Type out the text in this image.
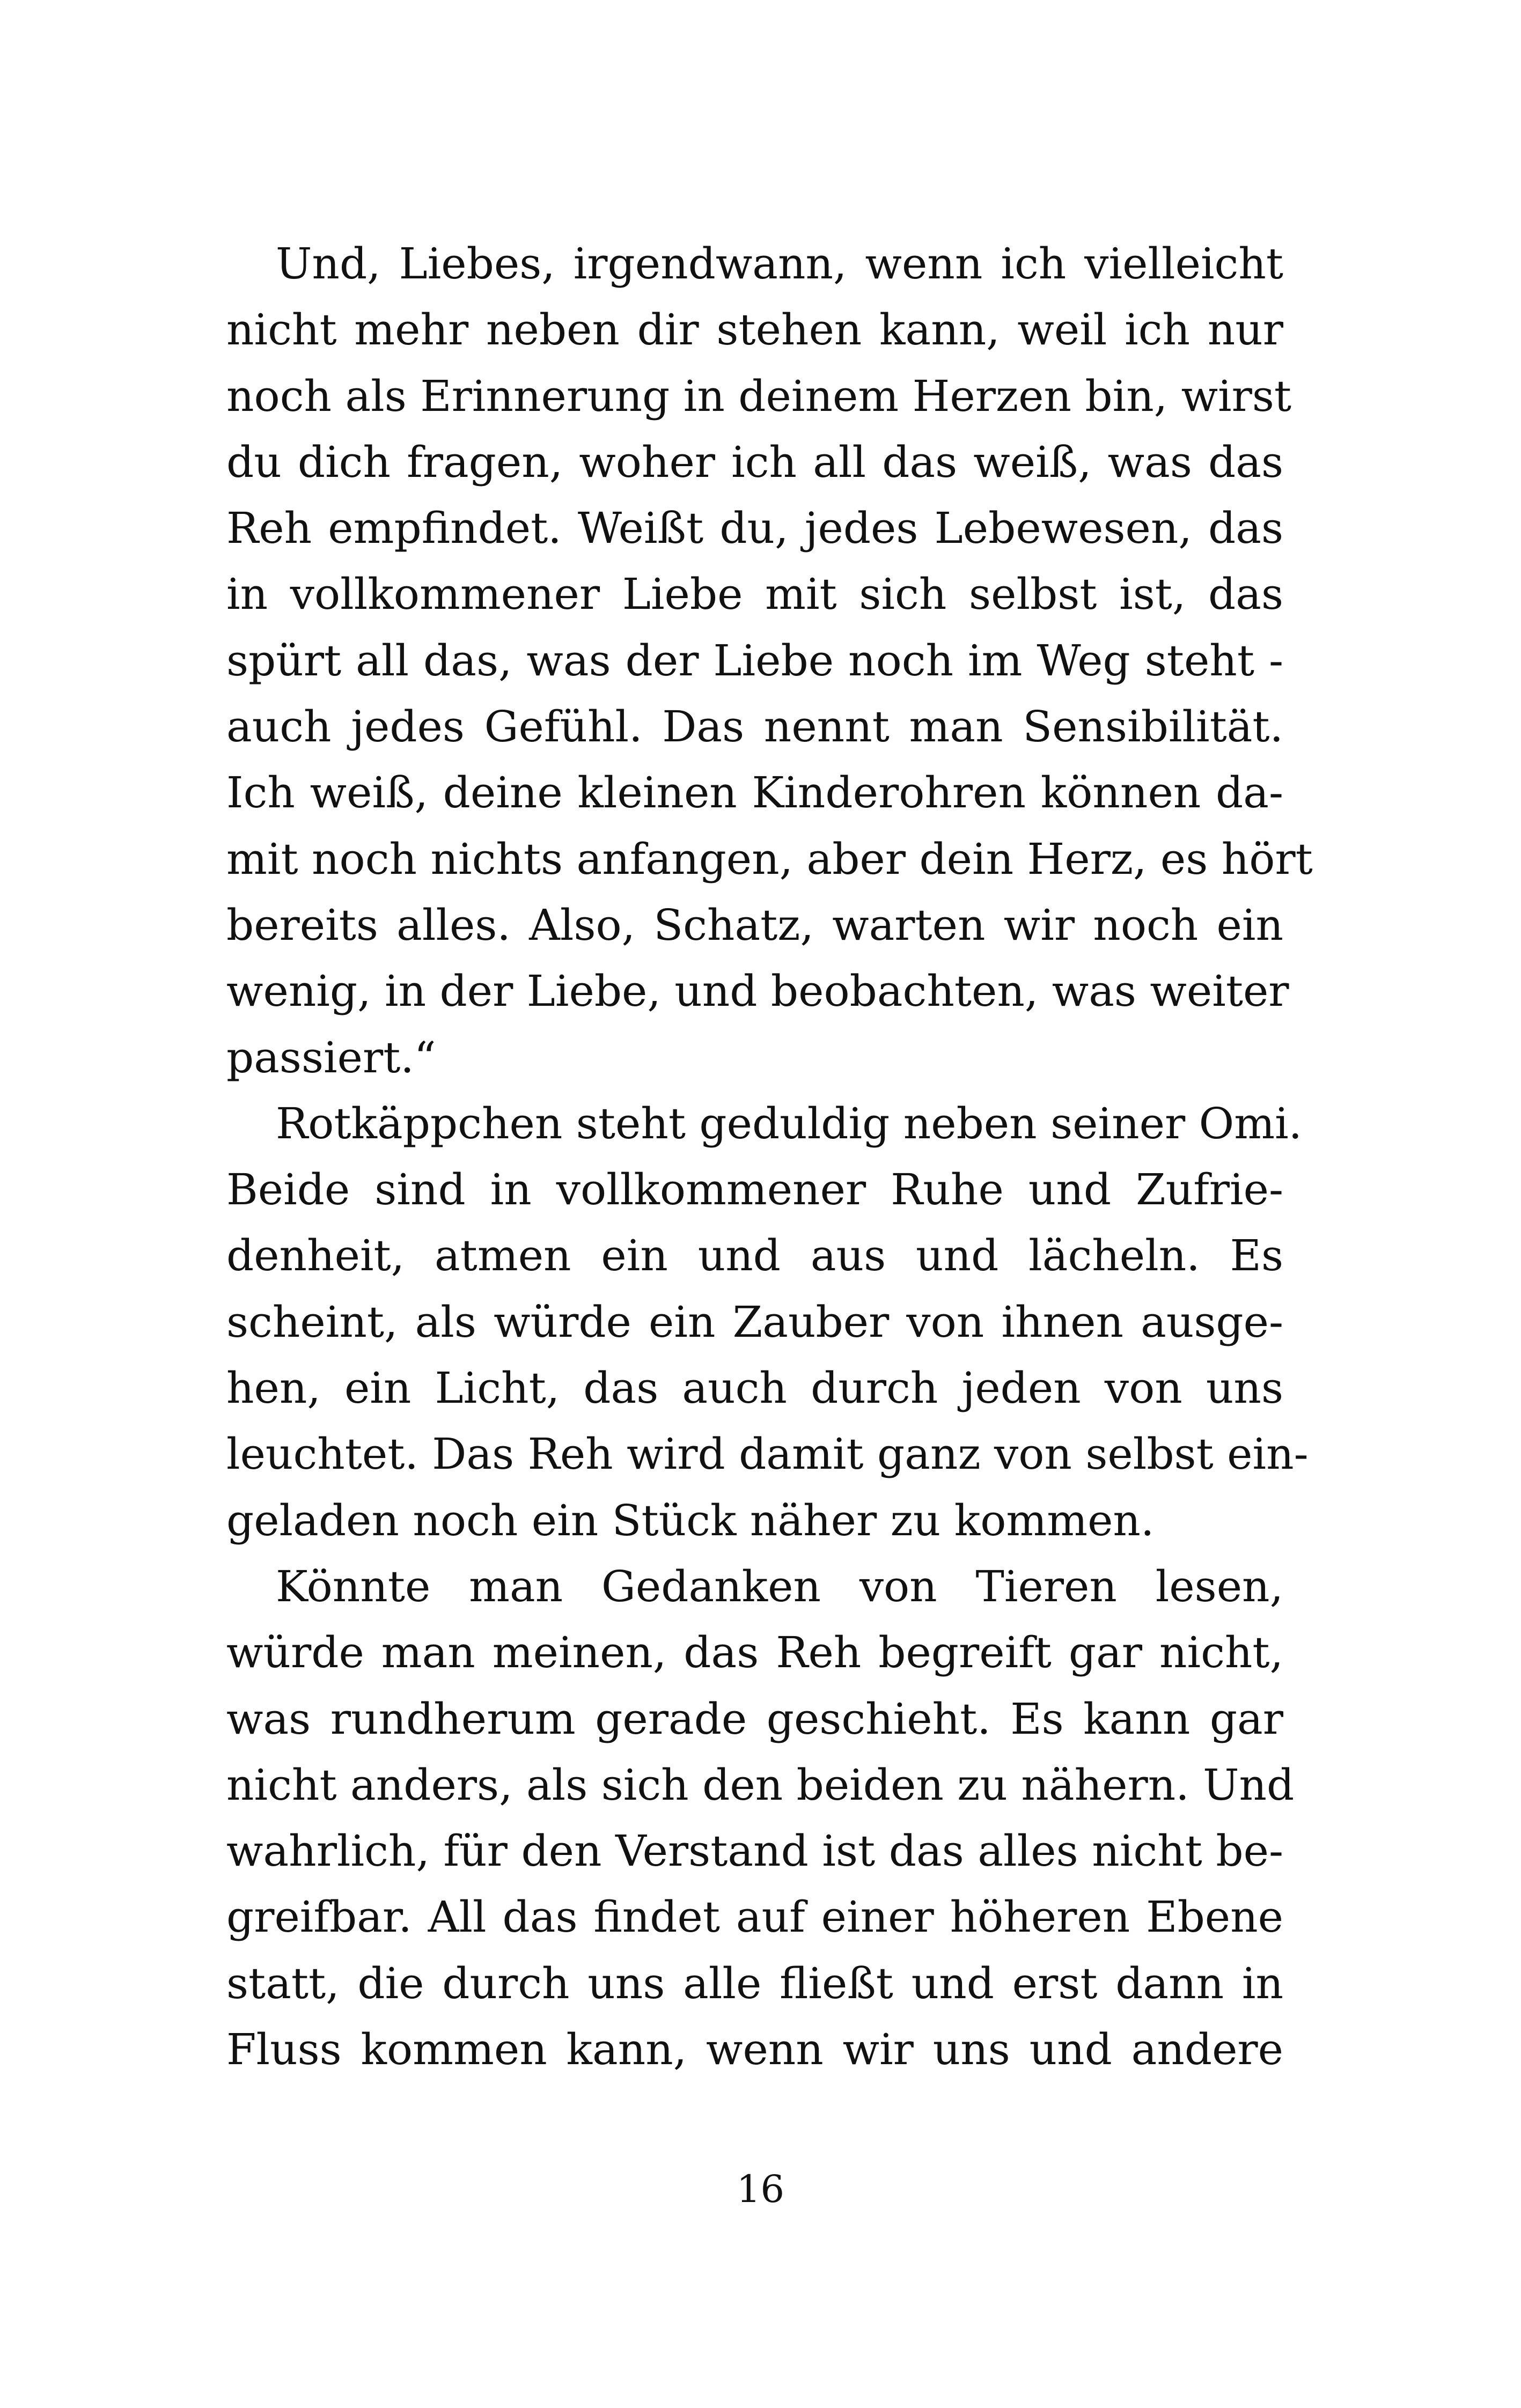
Und, Liebes, irgendwann, wenn ich vielleicht
nicht mehr neben dir stehen kann, weil ich nur
noch als Erinnerung in deinem Herzen bin, wirst
du dich fragen, woher ich all das weiß, was das
Reh empfindet. Weißt du, jedes Lebewesen, das
in vollkommener Liebe mit sich selbst ist, das
spürt all das, was der Liebe noch im Weg steht -
auch jedes Gefühl. Das nennt man Sensibilität.
Ich weiß, deine kleinen Kinderohren können da-
mit noch nichts anfangen, aber dein Herz, es hört
bereits alles. Also, Schatz, warten wir noch ein
wenig, in der Liebe, und beobachten, was weiter
passiert.“
Rotkäppchen steht geduldig neben seiner Omi.
Beide sind in vollkommener Ruhe und Zufrie-
denheit, atmen ein und aus und lächeln. Es
scheint, als würde ein Zauber von ihnen ausge-
hen, ein Licht, das auch durch jeden von uns
leuchtet. Das Reh wird damit ganz von selbst ein-
geladen noch ein Stück näher zu kommen.
Könnte man Gedanken von Tieren lesen,
würde man meinen, das Reh begreift gar nicht,
was rundherum gerade geschieht. Es kann gar
nicht anders, als sich den beiden zu nähern. Und
wahrlich, für den Verstand ist das alles nicht be-
greifbar. All das findet auf einer höheren Ebene
statt, die durch uns alle fließt und erst dann in
Fluss kommen kann, wenn wir uns und andere
16
